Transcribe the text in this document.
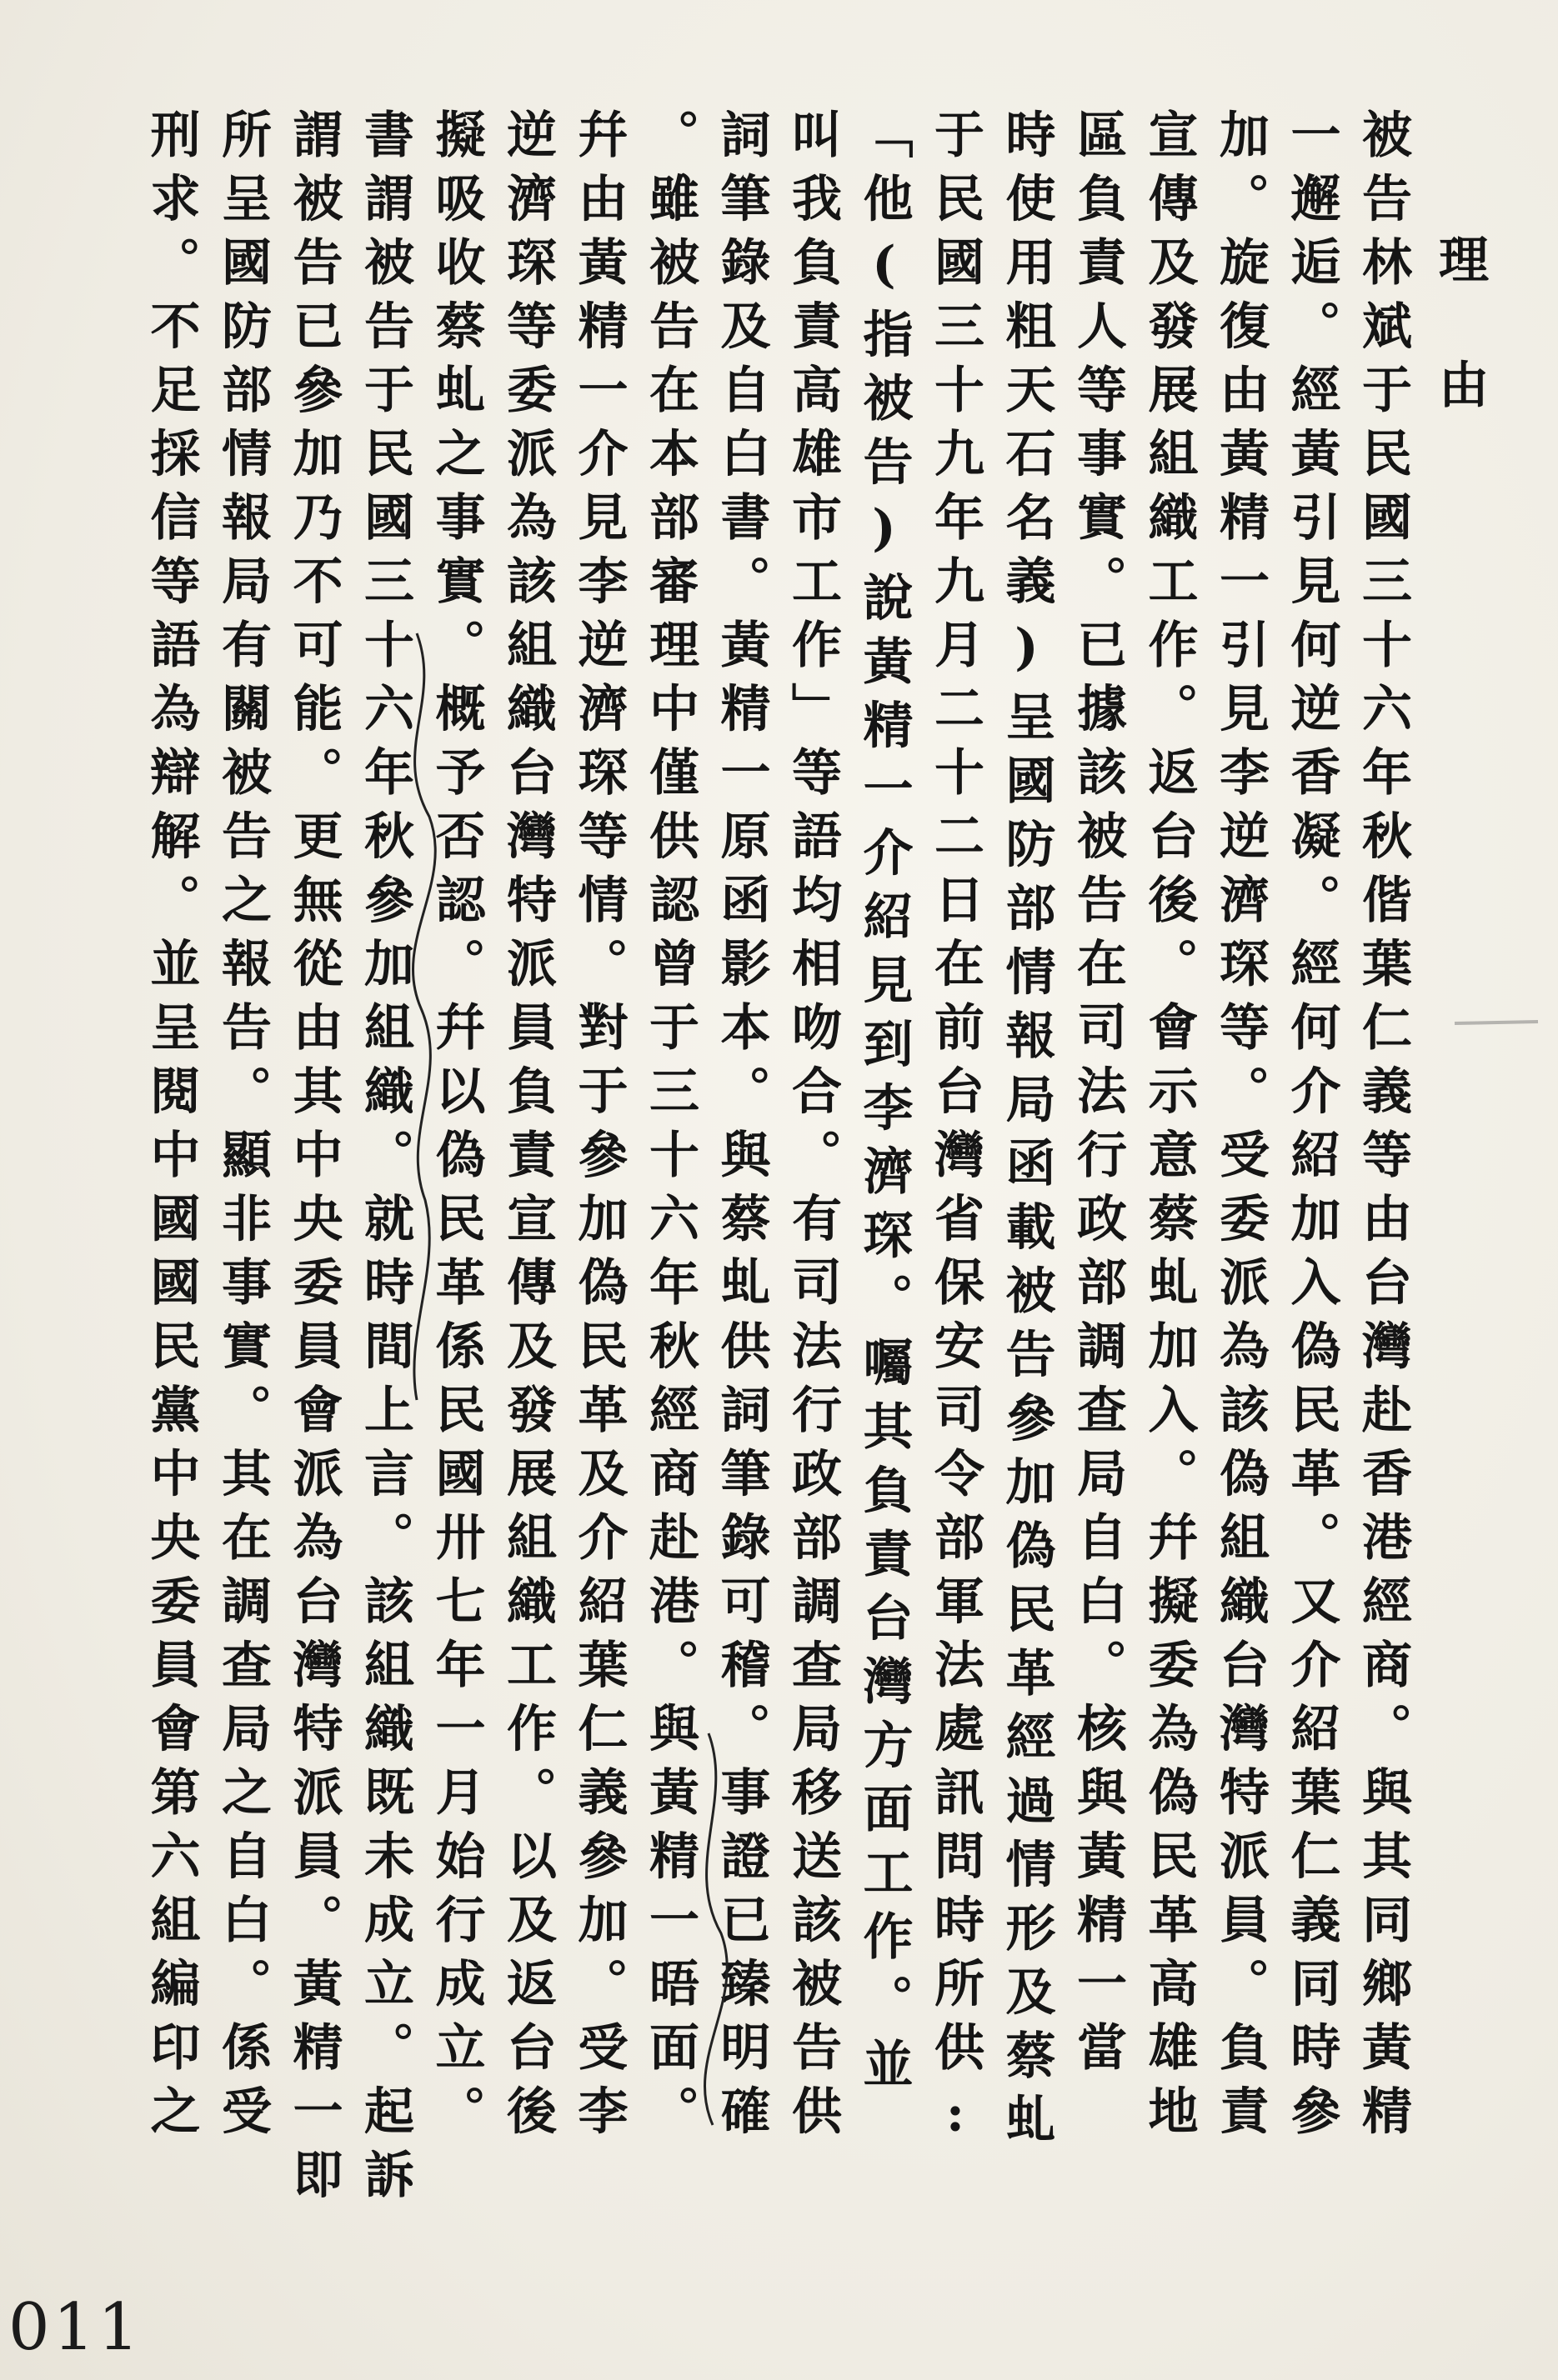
理由
被告林斌于民國三十六年秋偕葉仁義等由台灣赴香港經商。與其同鄉黃精
一邂逅。經黃引見何逆香凝。經何介紹加入偽民革。又介紹葉仁義同時參
加。旋復由黃精一引見李逆濟琛等。受委派為該偽組織台灣特派員。負責
宣傳及發展組織工作。返台後。會示意蔡虬加入。幷擬委為偽民革高雄地
區負責人等事實。已據該被告在司法行政部調查局自白。核與黃精一當
時使用粗天石名義)呈國防部情報局函載被告參加偽民革經過情形及蔡虬
于民國三十九年九月二十二日在前台灣省保安司令部軍法處訊問時所供:
「他(指被告)說黃精一介紹見到李濟琛。囑其負責台灣方面工作。並
叫我負責高雄市工作」等語均相吻合。有司法行政部調查局移送該被告供
詞筆錄及自白書。黃精一原函影本。與蔡虬供詞筆錄可稽。事證已臻明確
。雖被告在本部審理中僅供認曾于三十六年秋經商赴港。與黃精一晤面。
幷由黃精一介見李逆濟琛等情。對于參加偽民革及介紹葉仁義參加。受李
逆濟琛等委派為該組織台灣特派員負責宣傳及發展組織工作。以及返台後
擬吸收蔡虬之事實。概予否認。幷以偽民革係民國卅七年一月始行成立。
書謂被告于民國三十六年秋參加組織。就時間上言。該組織既未成立。起訴
謂被告已參加乃不可能。更無從由其中央委員會派為台灣特派員。黃精一即
所呈國防部情報局有關被告之報告。顯非事實。其在調查局之自白。係受
刑求。不足採信等語為辯解。並呈閱中國國民黨中央委員會第六組編印之
011
